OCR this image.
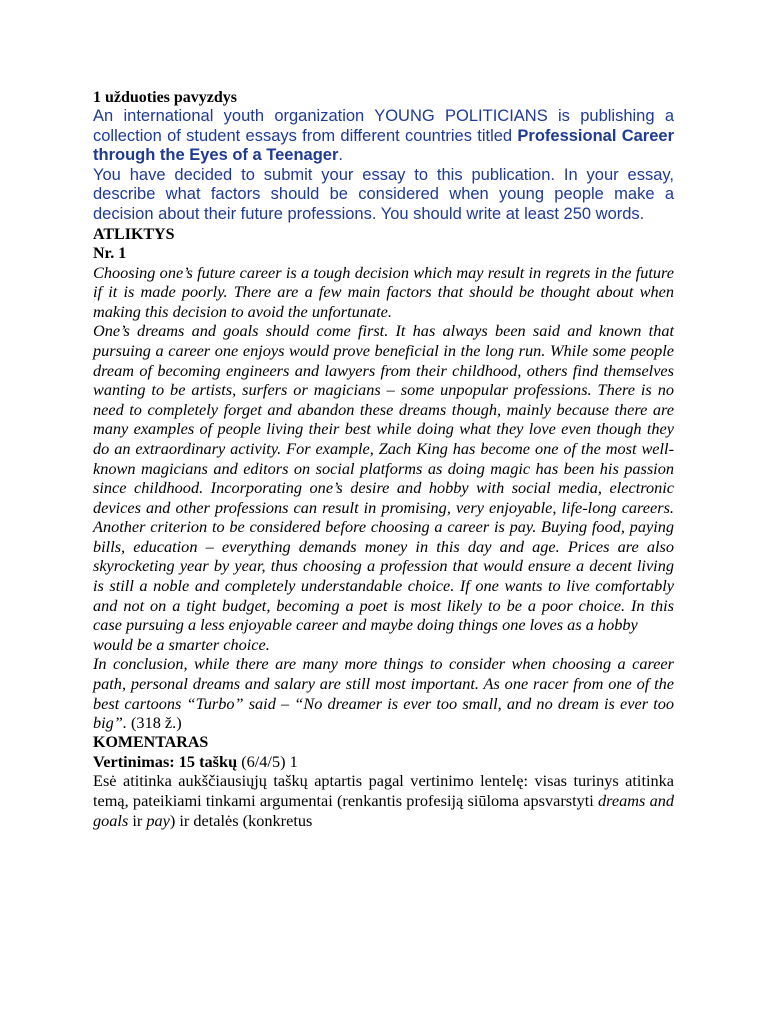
1 užduoties pavyzdys

An international youth organization YOUNG POLITICIANS is publishing a collection of student essays from different countries titled Professional Career through the Eyes of a Teenager.

You have decided to submit your essay to this publication. In your essay, describe what factors should be considered when young people make a decision about their future professions. You should write at least 250 words.

ATLIKTYS

Nr. 1

Choosing one’s future career is a tough decision which may result in regrets in the future if it is made poorly. There are a few main factors that should be thought about when making this decision to avoid the unfortunate.

One’s dreams and goals should come first. It has always been said and known that pursuing a career one enjoys would prove beneficial in the long run. While some people dream of becoming engineers and lawyers from their childhood, others find themselves wanting to be artists, surfers or magicians – some unpopular professions. There is no need to completely forget and abandon these dreams though, mainly because there are many examples of people living their best while doing what they love even though they do an extraordinary activity. For example, Zach King has become one of the most well-known magicians and editors on social platforms as doing magic has been his passion since childhood. Incorporating one’s desire and hobby with social media, electronic devices and other professions can result in promising, very enjoyable, life-long careers. Another criterion to be considered before choosing a career is pay. Buying food, paying bills, education – everything demands money in this day and age. Prices are also skyrocketing year by year, thus choosing a profession that would ensure a decent living is still a noble and completely understandable choice. If one wants to live comfortably and not on a tight budget, becoming a poet is most likely to be a poor choice. In this case pursuing a less enjoyable career and maybe doing things one loves as a hobby

would be a smarter choice.

In conclusion, while there are many more things to consider when choosing a career path, personal dreams and salary are still most important. As one racer from one of the best cartoons “Turbo” said – “No dreamer is ever too small, and no dream is ever too big”. (318 ž.)

KOMENTARAS

Vertinimas: 15 taškų (6/4/5) 1

Esė atitinka aukščiausiųjų taškų aptartis pagal vertinimo lentelę: visas turinys atitinka temą, pateikiami tinkami argumentai (renkantis profesiją siūloma apsvarstyti dreams and goals ir pay) ir detalės (konkretus
